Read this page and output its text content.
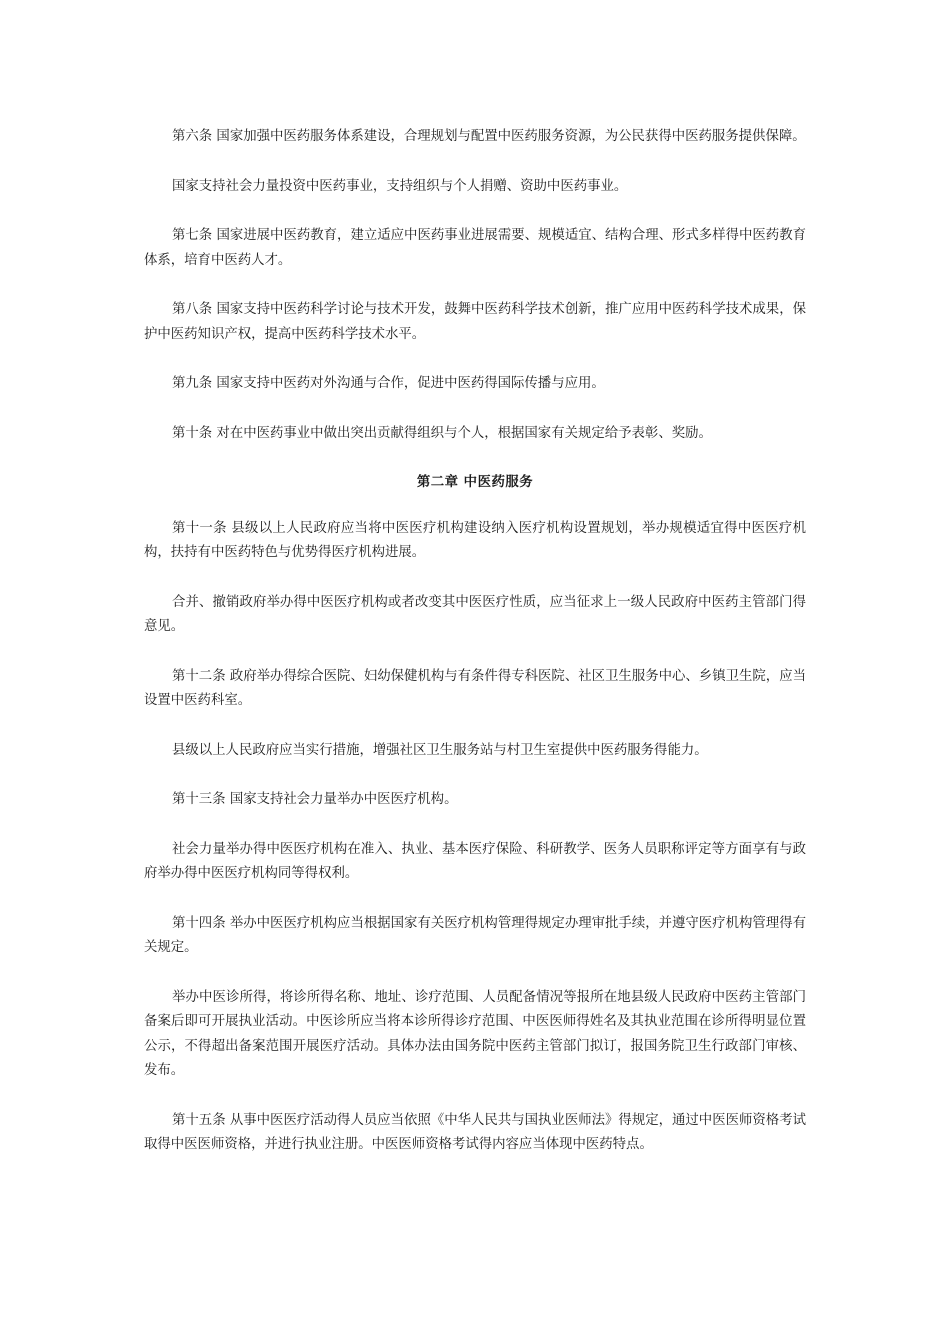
第六条 国家加强中医药服务体系建设，合理规划与配置中医药服务资源，为公民获得中医药服务提供保障。

国家支持社会力量投资中医药事业，支持组织与个人捐赠、资助中医药事业。

第七条 国家进展中医药教育，建立适应中医药事业进展需要、规模适宜、结构合理、形式多样得中医药教育体系，培育中医药人才。

第八条 国家支持中医药科学讨论与技术开发，鼓舞中医药科学技术创新，推广应用中医药科学技术成果，保护中医药知识产权，提高中医药科学技术水平。

第九条 国家支持中医药对外沟通与合作，促进中医药得国际传播与应用。

第十条 对在中医药事业中做出突出贡献得组织与个人，根据国家有关规定给予表彰、奖励。

第二章 中医药服务

第十一条 县级以上人民政府应当将中医医疗机构建设纳入医疗机构设置规划，举办规模适宜得中医医疗机构，扶持有中医药特色与优势得医疗机构进展。

合并、撤销政府举办得中医医疗机构或者改变其中医医疗性质，应当征求上一级人民政府中医药主管部门得意见。

第十二条 政府举办得综合医院、妇幼保健机构与有条件得专科医院、社区卫生服务中心、乡镇卫生院，应当设置中医药科室。

县级以上人民政府应当实行措施，增强社区卫生服务站与村卫生室提供中医药服务得能力。

第十三条 国家支持社会力量举办中医医疗机构。

社会力量举办得中医医疗机构在准入、执业、基本医疗保险、科研教学、医务人员职称评定等方面享有与政府举办得中医医疗机构同等得权利。

第十四条 举办中医医疗机构应当根据国家有关医疗机构管理得规定办理审批手续，并遵守医疗机构管理得有关规定。

举办中医诊所得，将诊所得名称、地址、诊疗范围、人员配备情况等报所在地县级人民政府中医药主管部门备案后即可开展执业活动。中医诊所应当将本诊所得诊疗范围、中医医师得姓名及其执业范围在诊所得明显位置公示，不得超出备案范围开展医疗活动。具体办法由国务院中医药主管部门拟订，报国务院卫生行政部门审核、发布。

第十五条 从事中医医疗活动得人员应当依照《中华人民共与国执业医师法》得规定，通过中医医师资格考试取得中医医师资格，并进行执业注册。中医医师资格考试得内容应当体现中医药特点。
